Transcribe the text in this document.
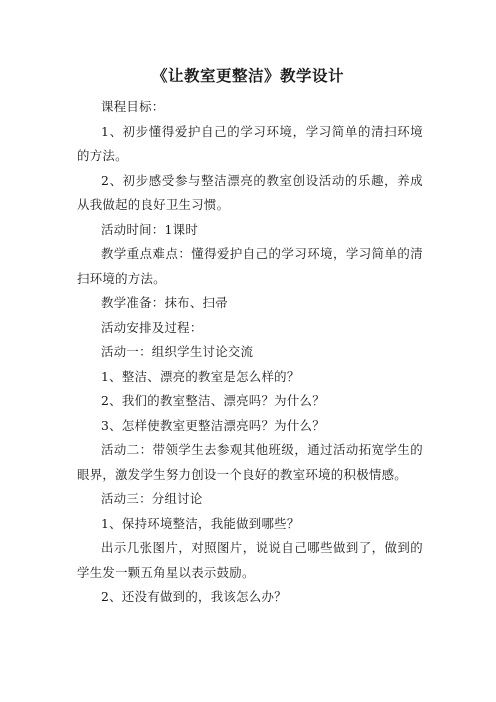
《让教室更整洁》教学设计

课程目标：

1、初步懂得爱护自己的学习环境，学习简单的清扫环境的方法。

2、初步感受参与整洁漂亮的教室创设活动的乐趣，养成从我做起的良好卫生习惯。

活动时间：1课时

教学重点难点：懂得爱护自己的学习环境，学习简单的清扫环境的方法。

教学准备：抹布、扫帚

活动安排及过程：

活动一：组织学生讨论交流

1、整洁、漂亮的教室是怎么样的？

2、我们的教室整洁、漂亮吗？为什么？

3、怎样使教室更整洁漂亮吗？为什么？

活动二：带领学生去参观其他班级，通过活动拓宽学生的眼界，激发学生努力创设一个良好的教室环境的积极情感。

活动三：分组讨论

1、保持环境整洁，我能做到哪些？

出示几张图片，对照图片，说说自己哪些做到了，做到的学生发一颗五角星以表示鼓励。

2、还没有做到的，我该怎么办？
